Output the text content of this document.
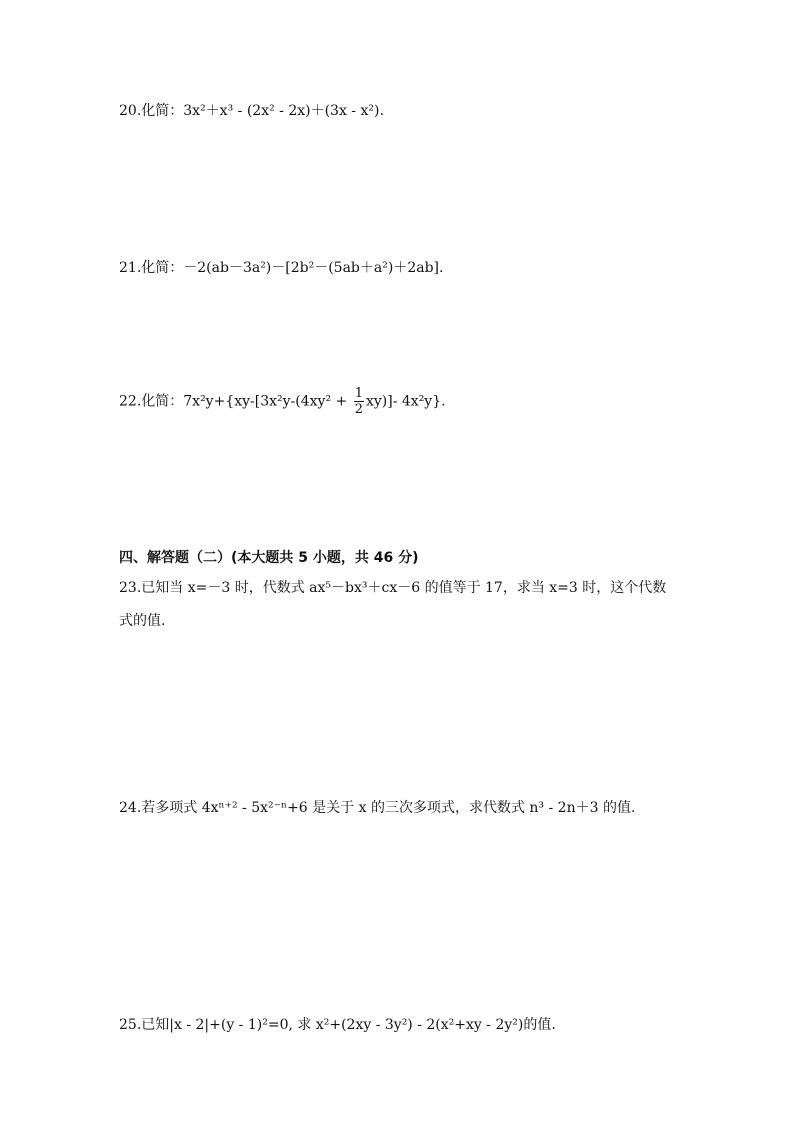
20.化简：3x²＋x³ - (2x² - 2x)＋(3x - x²).
21.化简：－2(ab－3a²)－[2b²－(5ab＋a²)＋2ab].
22.化简：$7x^2y+\{xy-[3x^2y-(4xy^2 + \frac{1}{2} xy)]-$ 4x²y}.
四、解答题（二）(本大题共 5 小题，共 46 分)
23.已知当 x=－3 时，代数式 ax⁵－bx³＋cx－6 的值等于 17，求当 x=3 时，这个代数
式的值.
24.若多项式 4xⁿ⁺² - 5x²⁻ⁿ+6 是关于 x 的三次多项式，求代数式 n³ - 2n＋3 的值.
25.已知|x - 2|+(y - 1)²=0, 求 x²+(2xy - 3y²) - 2(x²+xy - 2y²)的值.
